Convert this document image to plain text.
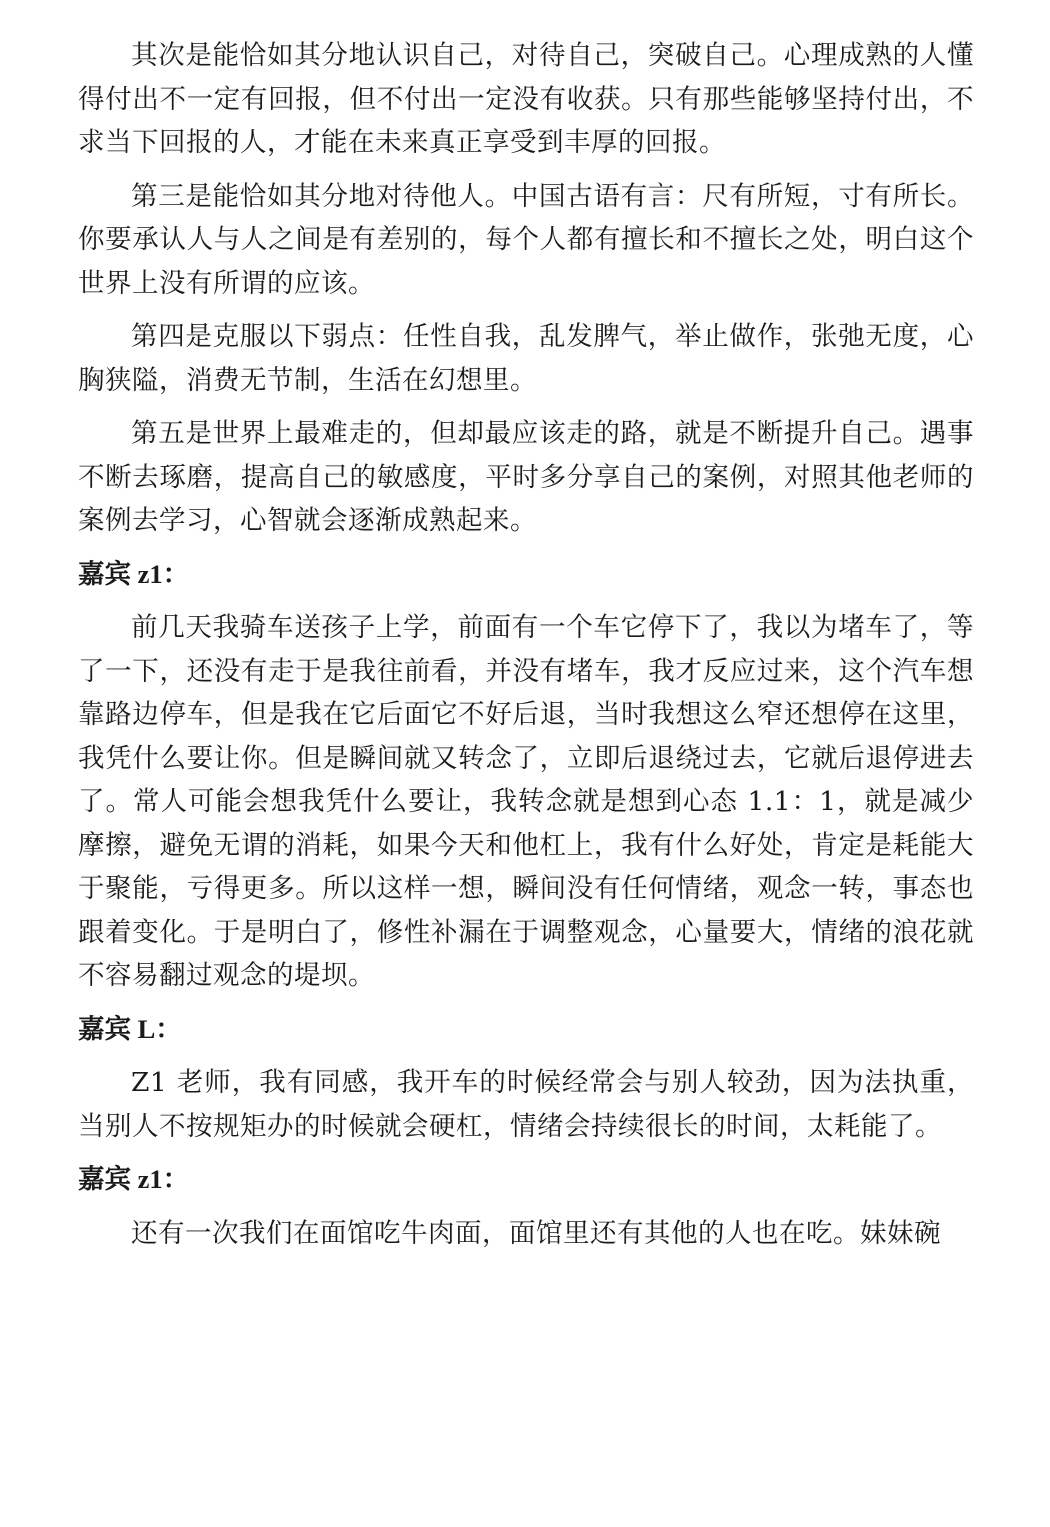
其次是能恰如其分地认识自己，对待自己，突破自己。心理成熟的人懂得付出不一定有回报，但不付出一定没有收获。只有那些能够坚持付出，不求当下回报的人，才能在未来真正享受到丰厚的回报。

第三是能恰如其分地对待他人。中国古语有言：尺有所短，寸有所长。你要承认人与人之间是有差别的，每个人都有擅长和不擅长之处，明白这个世界上没有所谓的应该。

第四是克服以下弱点：任性自我，乱发脾气，举止做作，张弛无度，心胸狭隘，消费无节制，生活在幻想里。

第五是世界上最难走的，但却最应该走的路，就是不断提升自己。遇事不断去琢磨，提高自己的敏感度，平时多分享自己的案例，对照其他老师的案例去学习，心智就会逐渐成熟起来。

嘉宾 z1：

前几天我骑车送孩子上学，前面有一个车它停下了，我以为堵车了，等了一下，还没有走于是我往前看，并没有堵车，我才反应过来，这个汽车想靠路边停车，但是我在它后面它不好后退，当时我想这么窄还想停在这里，我凭什么要让你。但是瞬间就又转念了，立即后退绕过去，它就后退停进去了。常人可能会想我凭什么要让，我转念就是想到心态 1.1：1，就是减少摩擦，避免无谓的消耗，如果今天和他杠上，我有什么好处，肯定是耗能大于聚能，亏得更多。所以这样一想，瞬间没有任何情绪，观念一转，事态也跟着变化。于是明白了，修性补漏在于调整观念，心量要大，情绪的浪花就不容易翻过观念的堤坝。

嘉宾 L：

Z1 老师，我有同感，我开车的时候经常会与别人较劲，因为法执重，当别人不按规矩办的时候就会硬杠，情绪会持续很长的时间，太耗能了。

嘉宾 z1：

还有一次我们在面馆吃牛肉面，面馆里还有其他的人也在吃。妹妹碗
